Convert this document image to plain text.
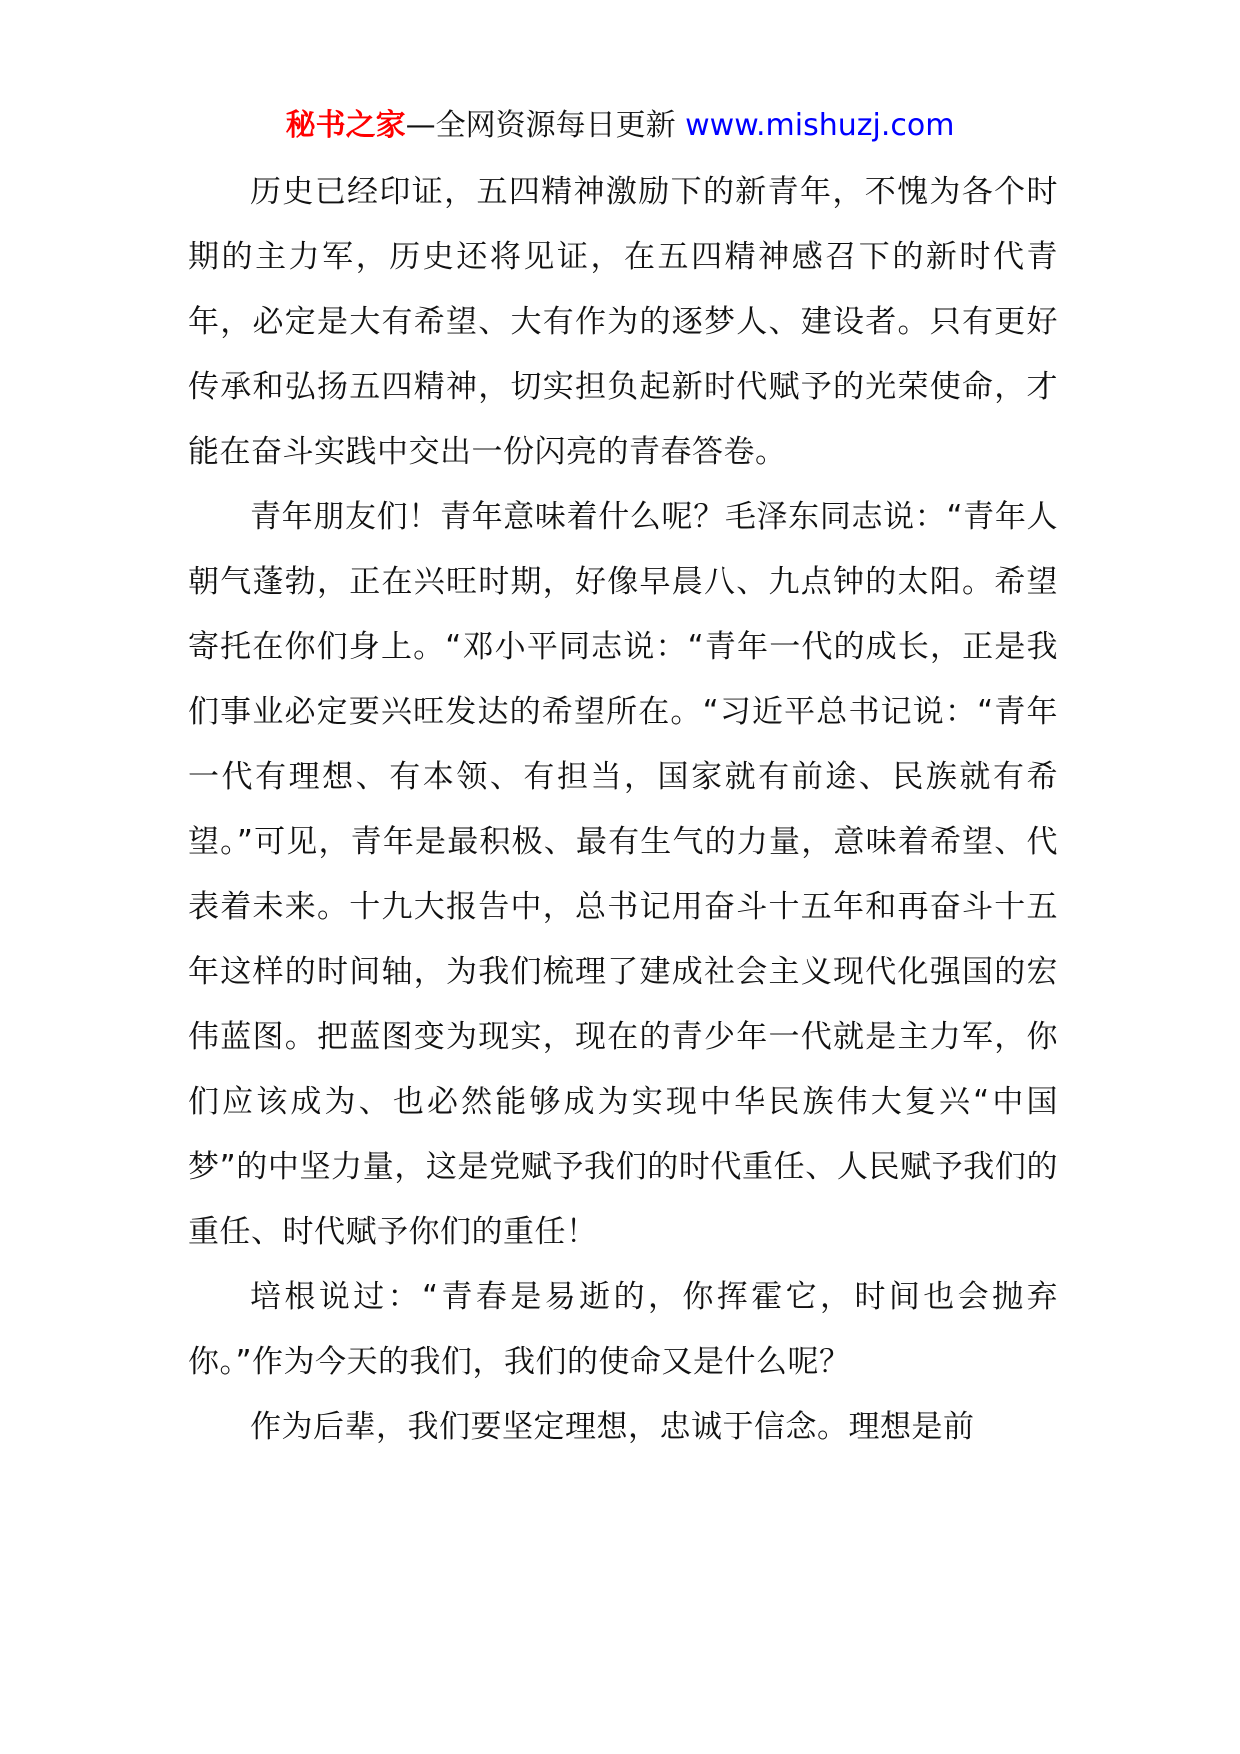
秘书之家—全网资源每日更新 www.mishuzj.com

历史已经印证，五四精神激励下的新青年，不愧为各个时期的主力军，历史还将见证，在五四精神感召下的新时代青年，必定是大有希望、大有作为的逐梦人、建设者。只有更好传承和弘扬五四精神，切实担负起新时代赋予的光荣使命，才能在奋斗实践中交出一份闪亮的青春答卷。

青年朋友们！青年意味着什么呢？毛泽东同志说：“青年人朝气蓬勃，正在兴旺时期，好像早晨八、九点钟的太阳。希望寄托在你们身上。“邓小平同志说：“青年一代的成长，正是我们事业必定要兴旺发达的希望所在。“习近平总书记说：“青年一代有理想、有本领、有担当，国家就有前途、民族就有希望。”可见，青年是最积极、最有生气的力量，意味着希望、代表着未来。十九大报告中，总书记用奋斗十五年和再奋斗十五年这样的时间轴，为我们梳理了建成社会主义现代化强国的宏伟蓝图。把蓝图变为现实，现在的青少年一代就是主力军，你们应该成为、也必然能够成为实现中华民族伟大复兴“中国梦”的中坚力量，这是党赋予我们的时代重任、人民赋予我们的重任、时代赋予你们的重任！

培根说过：“青春是易逝的，你挥霍它，时间也会抛弃你。”作为今天的我们，我们的使命又是什么呢？

作为后辈，我们要坚定理想，忠诚于信念。理想是前
